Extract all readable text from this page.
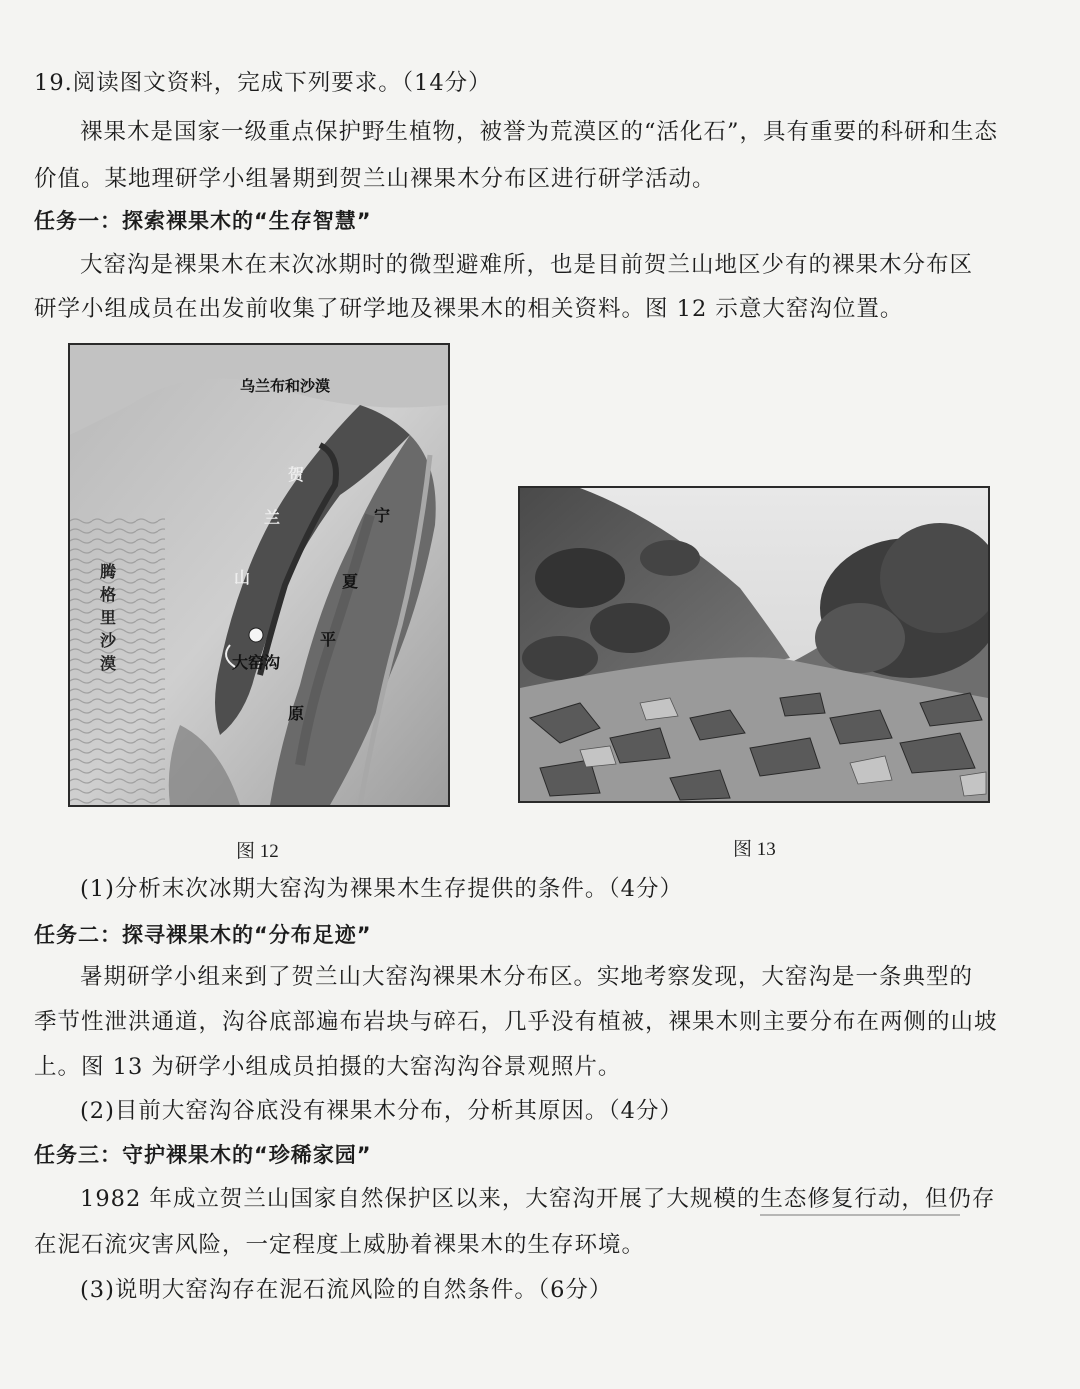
19.阅读图文资料，完成下列要求。（14分）
裸果木是国家一级重点保护野生植物，被誉为荒漠区的“活化石”，具有重要的科研和生态
价值。某地理研学小组暑期到贺兰山裸果木分布区进行研学活动。
任务一：探索裸果木的“生存智慧”
大窑沟是裸果木在末次冰期时的微型避难所，也是目前贺兰山地区少有的裸果木分布区
研学小组成员在出发前收集了研学地及裸果木的相关资料。图 12 示意大窑沟位置。
乌兰布和沙漠
腾
格
里
沙
漠
贺
兰
山
宁
夏
平
原
大窑沟
图 12	图 13
(1)分析末次冰期大窑沟为裸果木生存提供的条件。（4分）
任务二：探寻裸果木的“分布足迹”
暑期研学小组来到了贺兰山大窑沟裸果木分布区。实地考察发现，大窑沟是一条典型的
季节性泄洪通道，沟谷底部遍布岩块与碎石，几乎没有植被，裸果木则主要分布在两侧的山坡
上。图 13 为研学小组成员拍摄的大窑沟沟谷景观照片。
(2)目前大窑沟谷底没有裸果木分布，分析其原因。（4分）
任务三：守护裸果木的“珍稀家园”
1982 年成立贺兰山国家自然保护区以来，大窑沟开展了大规模的生态修复行动，但仍存
在泥石流灾害风险，一定程度上威胁着裸果木的生存环境。
(3)说明大窑沟存在泥石流风险的自然条件。（6分）
